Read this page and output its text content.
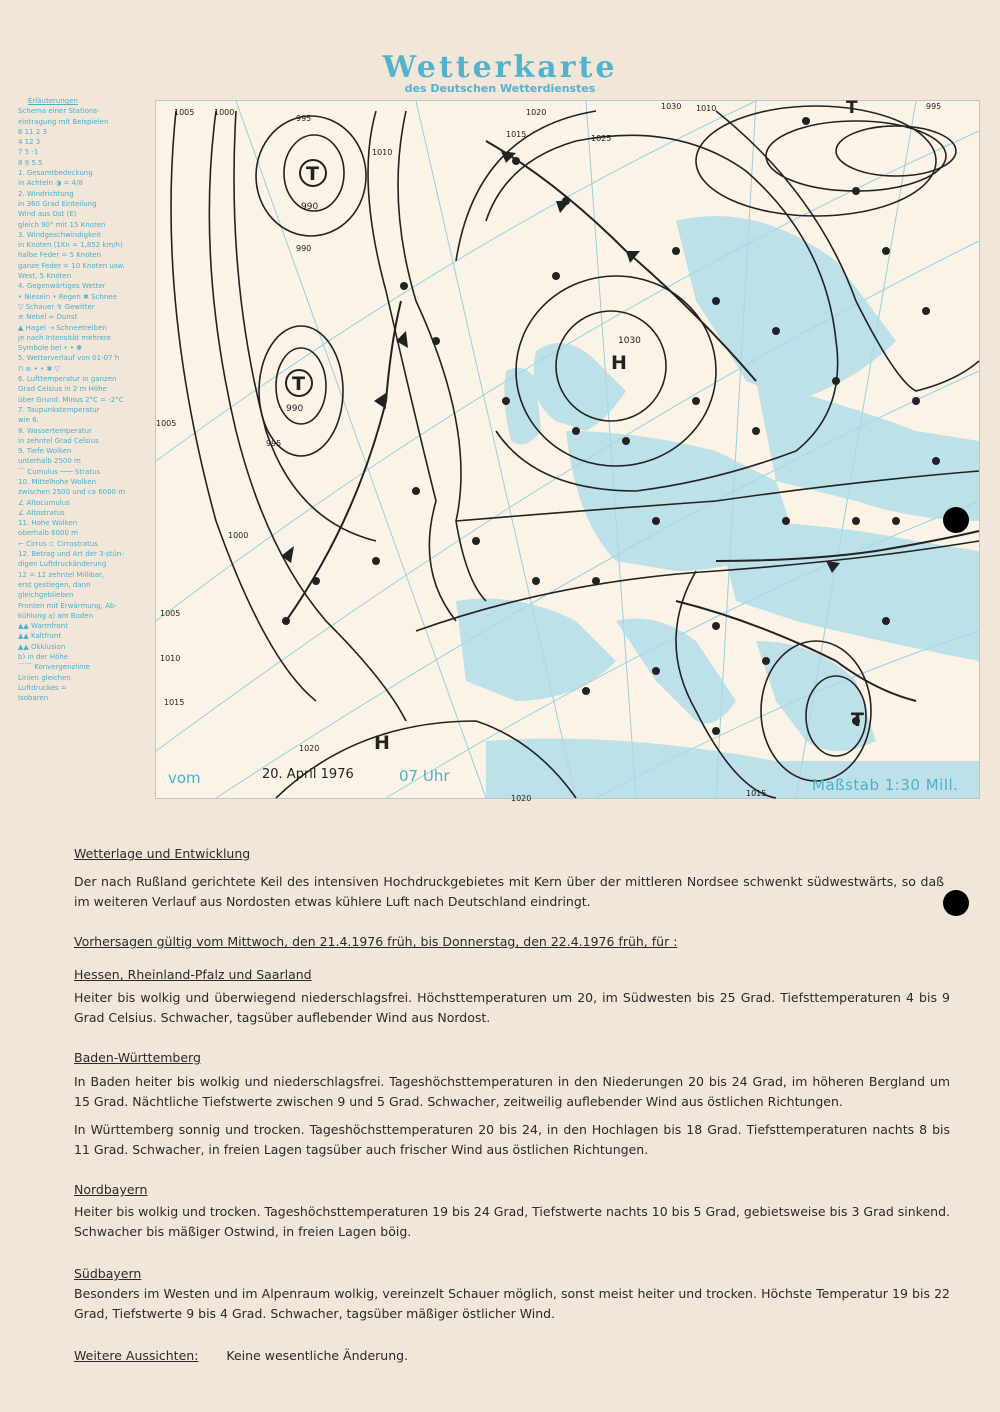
Wetterkarte
des Deutschen Wetterdienstes
Erläuterungen
Schema einer Stations-
eintragung mit Beispielen
6 11 2 3
4 12 3
7 5 -1
8 9 5.5
1. Gesamtbedeckung
in Achteln ◑ = 4/8
2. Windrichtung
in 360 Grad Einteilung
Wind aus Ost (E)
gleich 90° mit 15 Knoten
3. Windgeschwindigkeit
in Knoten (1Kn = 1,852 km/h)
halbe Feder = 5 Knoten
ganze Feder = 10 Knoten usw.
West, 5 Knoten
4. Gegenwärtiges Wetter
• Nieseln • Regen ✱ Schnee
▽ Schauer ↯ Gewitter
≡ Nebel ∞ Dunst
▲ Hagel ⇢ Schneetreiben
je nach Intensität mehrere
Symbole bei • • ✱
5. Wetterverlauf von 01-07 h
⊓ ≡ • • ✱ ▽
6. Lufttemperatur in ganzen
Grad Celsius in 2 m Höhe
über Grund. Minus 2°C = -2°C
7. Taupunkstemperatur
wie 6.
8. Wassertemperatur
in zehntel Grad Celsius
9. Tiefe Wolken
unterhalb 2500 m
⌒ Cumulus ─── Stratus
10. Mittelhohe Wolken
zwischen 2500 und ca 6000 m
∠ Altocumulus
∠ Altostratus
11. Hohe Wolken
oberhalb 6000 m
⌐ Cirrus ⊂ Cirrostratus
12. Betrag und Art der 3-stün-
digen Luftdruckänderung
12 = 12 zehntel Millibar,
erst gestiegen, dann
gleichgeblieben
Fronten mit Erwärmung, Ab-
kühlung a) am Boden
▲▲ Warmfront
▲▲ Kaltfront
▲▲ Okklusion
b) in der Höhe
⌒⌒ Konvergenzlinie
Linien gleichen
Luftdruckes =
Isobaren
T
990
T
990
H
1030
H
T
T
1005 1000
995
990
1020
1015
1010
1025
1030
1005
1000
995
1005
1010
1015
1020
1020
1015
1010	995
vom	07 Uhr
20. April 1976
Maßstab 1:30 Mill.
Wetterlage und Entwicklung
Der nach Rußland gerichtete Keil des intensiven Hochdruckgebietes mit Kern über der mittleren Nordsee schwenkt südwestwärts, so daß im weiteren Verlauf aus Nordosten etwas kühlere Luft nach Deutschland eindringt.
Vorhersagen gültig vom Mittwoch, den 21.4.1976 früh, bis Donnerstag, den 22.4.1976 früh, für :
Hessen, Rheinland-Pfalz und Saarland
Heiter bis wolkig und überwiegend niederschlagsfrei. Höchsttemperaturen um 20, im Südwesten bis 25 Grad. Tiefsttemperaturen 4 bis 9 Grad Celsius. Schwacher, tagsüber auflebender Wind aus Nordost.
Baden-Württemberg
In Baden heiter bis wolkig und niederschlagsfrei. Tageshöchsttemperaturen in den Niederungen 20 bis 24 Grad, im höheren Bergland um 15 Grad. Nächtliche Tiefstwerte zwischen 9 und 5 Grad. Schwacher, zeitweilig auflebender Wind aus östlichen Richtungen.
In Württemberg sonnig und trocken. Tageshöchsttemperaturen 20 bis 24, in den Hochlagen bis 18 Grad. Tiefsttemperaturen nachts 8 bis 11 Grad. Schwacher, in freien Lagen tagsüber auch frischer Wind aus östlichen Richtungen.
Nordbayern
Heiter bis wolkig und trocken. Tageshöchsttemperaturen 19 bis 24 Grad, Tiefstwerte nachts 10 bis 5 Grad, gebietsweise bis 3 Grad sinkend. Schwacher bis mäßiger Ostwind, in freien Lagen böig.
Südbayern
Besonders im Westen und im Alpenraum wolkig, vereinzelt Schauer möglich, sonst meist heiter und trocken. Höchste Temperatur 19 bis 22 Grad, Tiefstwerte 9 bis 4 Grad. Schwacher, tagsüber mäßiger östlicher Wind.
Weitere Aussichten: Keine wesentliche Änderung.
